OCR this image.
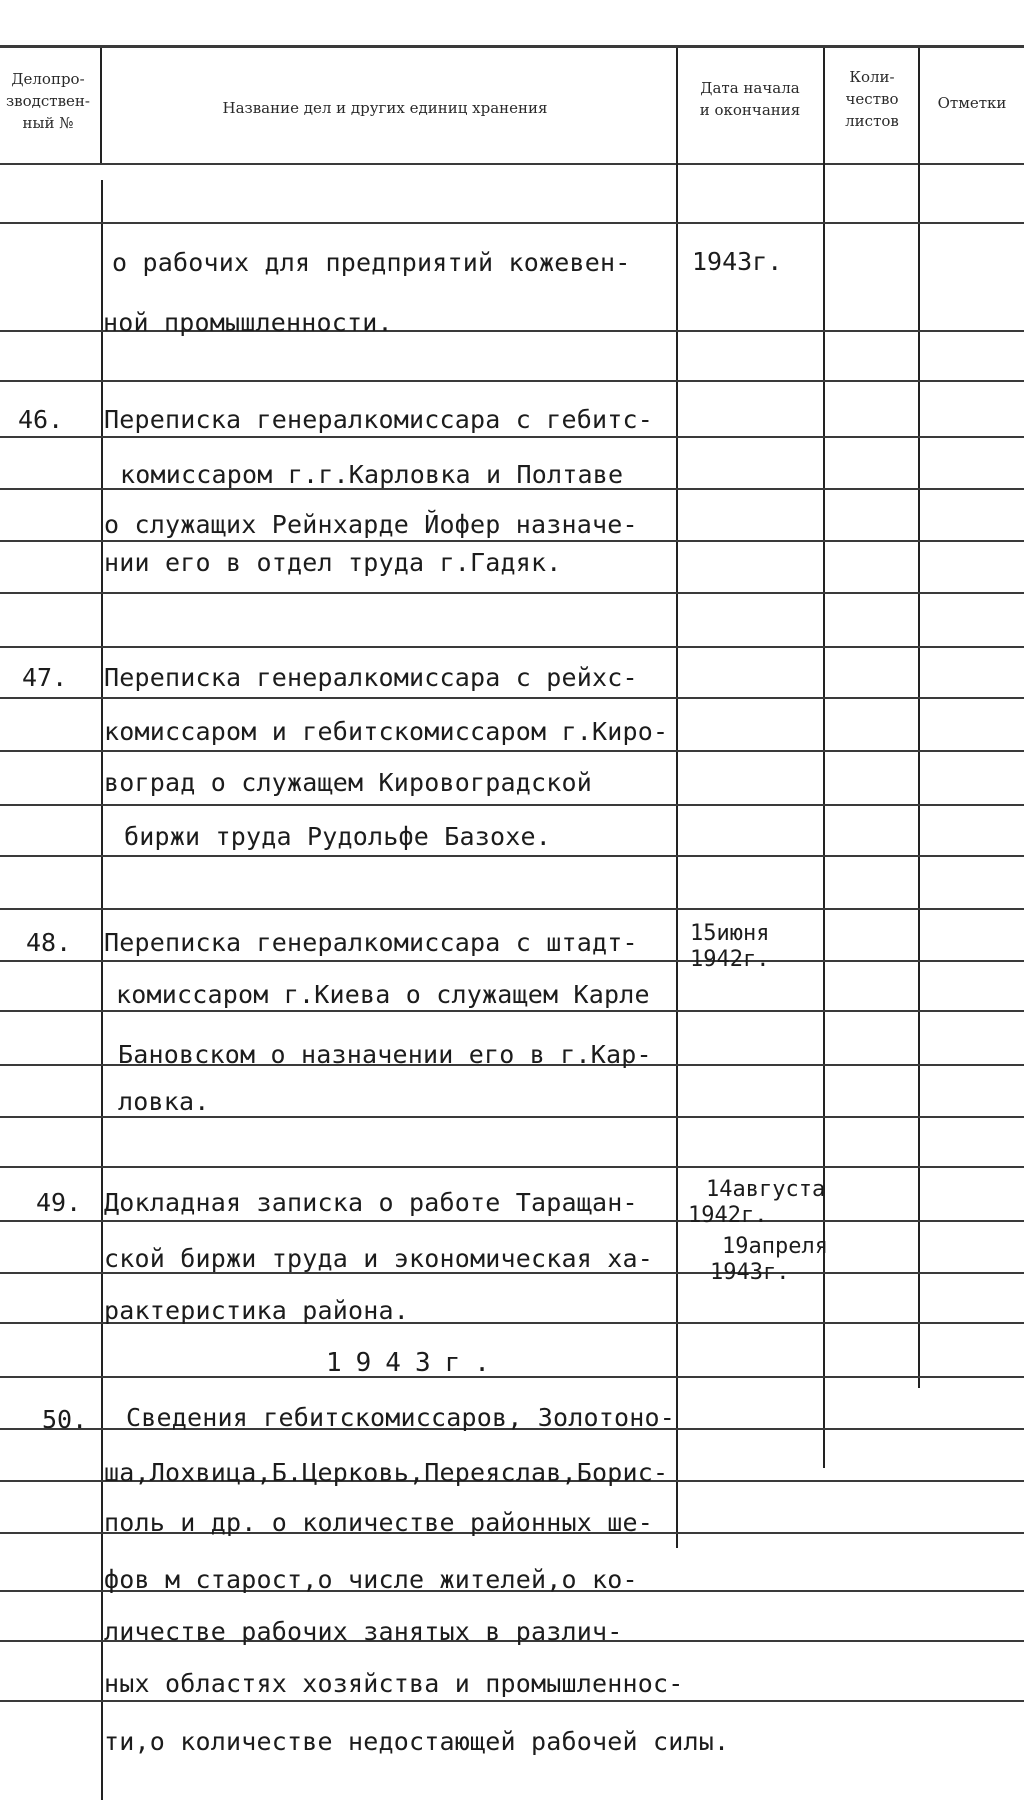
Делопро-
зводствен-
ный №
Название дел и других единиц хранения
Дата начала
и окончания
Коли-
чество
листов
Отметки
о рабочих для предприятий кожевен-
ной промышленности.
1943г.
46. Переписка генералкомиссара с гебитс-
комиссаром г.г.Карловка и Полтаве
о служащих Рейнхарде Йофер назначе-
нии его в отдел труда г.Гадяк.
47. Переписка генералкомиссара с рейхс-
комиссаром и гебитскомиссаром г.Киро-
воград о служащем Кировоградской
биржи труда Рудольфе Базохе.
48. Переписка генералкомиссара с штадт-
комиссаром г.Киева о служащем Карле
Бановском о назначении его в г.Кар-
ловка.
15июня
1942г.
49. Докладная записка о работе Таращан-
ской биржи труда и экономическая ха-
рактеристика района.
14августа
1942г.
19апреля
1943г.
1943г.
50. Сведения гебитскомиссаров, Золотоно-
ша,Лохвица,Б.Церковь,Переяслав,Борис-
поль и др. о количестве районных ше-
фов м старост,о числе жителей,о ко-
личестве рабочих занятых в различ-
ных областях хозяйства и промышленнос-
ти,о количестве недостающей рабочей силы.
